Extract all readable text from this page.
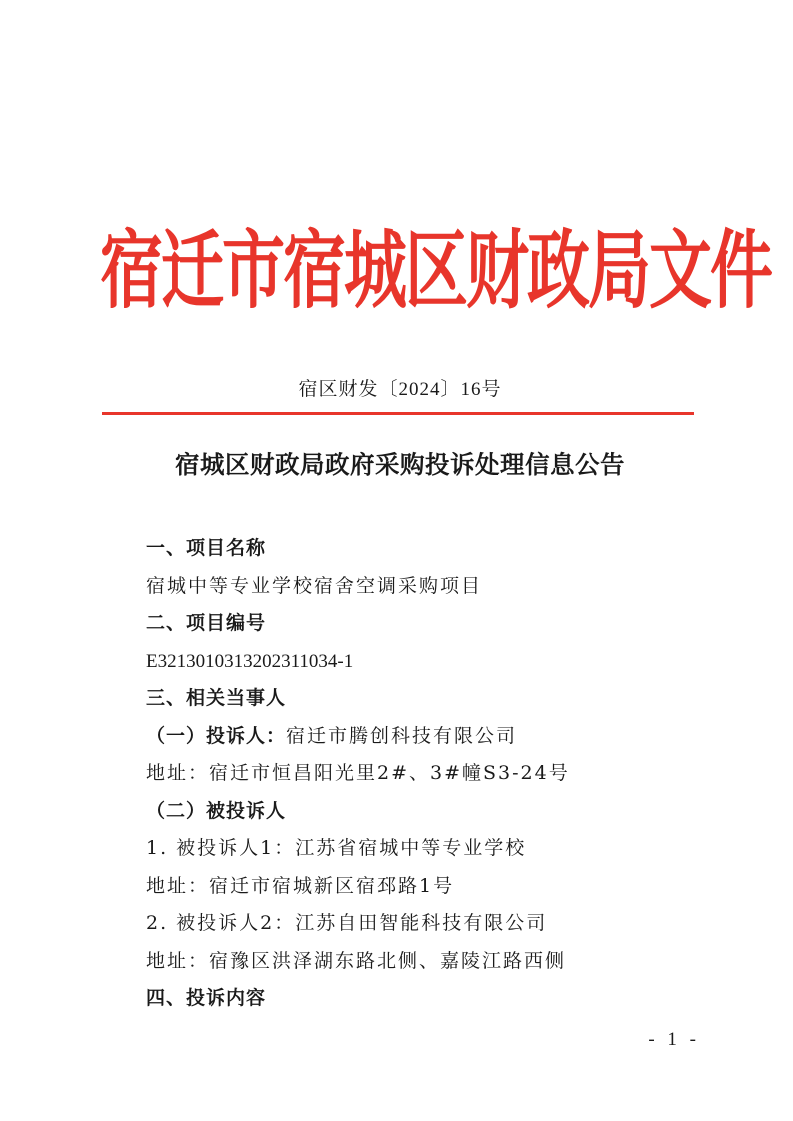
宿迁市宿城区财政局文件
宿区财发〔2024〕16号
宿城区财政局政府采购投诉处理信息公告
一、项目名称
宿城中等专业学校宿舍空调采购项目
二、项目编号
E3213010313202311034-1
三、相关当事人
（一）投诉人：宿迁市腾创科技有限公司
地址：宿迁市恒昌阳光里2#、3#幢S3-24号
（二）被投诉人
1. 被投诉人1：江苏省宿城中等专业学校
地址：宿迁市宿城新区宿邳路1号
2. 被投诉人2：江苏自田智能科技有限公司
地址：宿豫区洪泽湖东路北侧、嘉陵江路西侧
四、投诉内容
- 1 -
